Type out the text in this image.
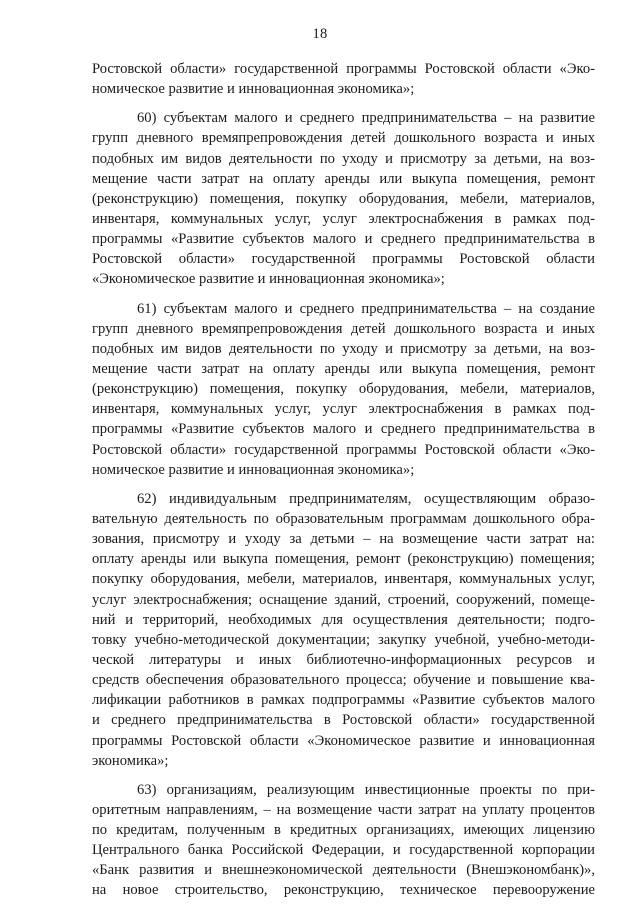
18
Ростовской области» государственной программы Ростовской области «Эко-
номическое развитие и инновационная экономика»;
60) субъектам малого и среднего предпринимательства – на развитие
групп дневного времяпрепровождения детей дошкольного возраста и иных
подобных им видов деятельности по уходу и присмотру за детьми, на воз-
мещение части затрат на оплату аренды или выкупа помещения, ремонт
(реконструкцию) помещения, покупку оборудования, мебели, материалов,
инвентаря, коммунальных услуг, услуг электроснабжения в рамках под-
программы «Развитие субъектов малого и среднего предпринимательства в
Ростовской области» государственной программы Ростовской области
«Экономическое развитие и инновационная экономика»;
61) субъектам малого и среднего предпринимательства – на создание
групп дневного времяпрепровождения детей дошкольного возраста и иных
подобных им видов деятельности по уходу и присмотру за детьми, на воз-
мещение части затрат на оплату аренды или выкупа помещения, ремонт
(реконструкцию) помещения, покупку оборудования, мебели, материалов,
инвентаря, коммунальных услуг, услуг электроснабжения в рамках под-
программы «Развитие субъектов малого и среднего предпринимательства в
Ростовской области» государственной программы Ростовской области «Эко-
номическое развитие и инновационная экономика»;
62) индивидуальным предпринимателям, осуществляющим образо-
вательную деятельность по образовательным программам дошкольного обра-
зования, присмотру и уходу за детьми – на возмещение части затрат на:
оплату аренды или выкупа помещения, ремонт (реконструкцию) помещения;
покупку оборудования, мебели, материалов, инвентаря, коммунальных услуг,
услуг электроснабжения; оснащение зданий, строений, сооружений, помеще-
ний и территорий, необходимых для осуществления деятельности; подго-
товку учебно-методической документации; закупку учебной, учебно-методи-
ческой литературы и иных библиотечно-информационных ресурсов и
средств обеспечения образовательного процесса; обучение и повышение ква-
лификации работников в рамках подпрограммы «Развитие субъектов малого
и среднего предпринимательства в Ростовской области» государственной
программы Ростовской области «Экономическое развитие и инновационная
экономика»;
63) организациям, реализующим инвестиционные проекты по при-
оритетным направлениям, – на возмещение части затрат на уплату процентов
по кредитам, полученным в кредитных организациях, имеющих лицензию
Центрального банка Российской Федерации, и государственной корпорации
«Банк развития и внешнеэкономической деятельности (Внешэкономбанк)»,
на новое строительство, реконструкцию, техническое перевооружение
